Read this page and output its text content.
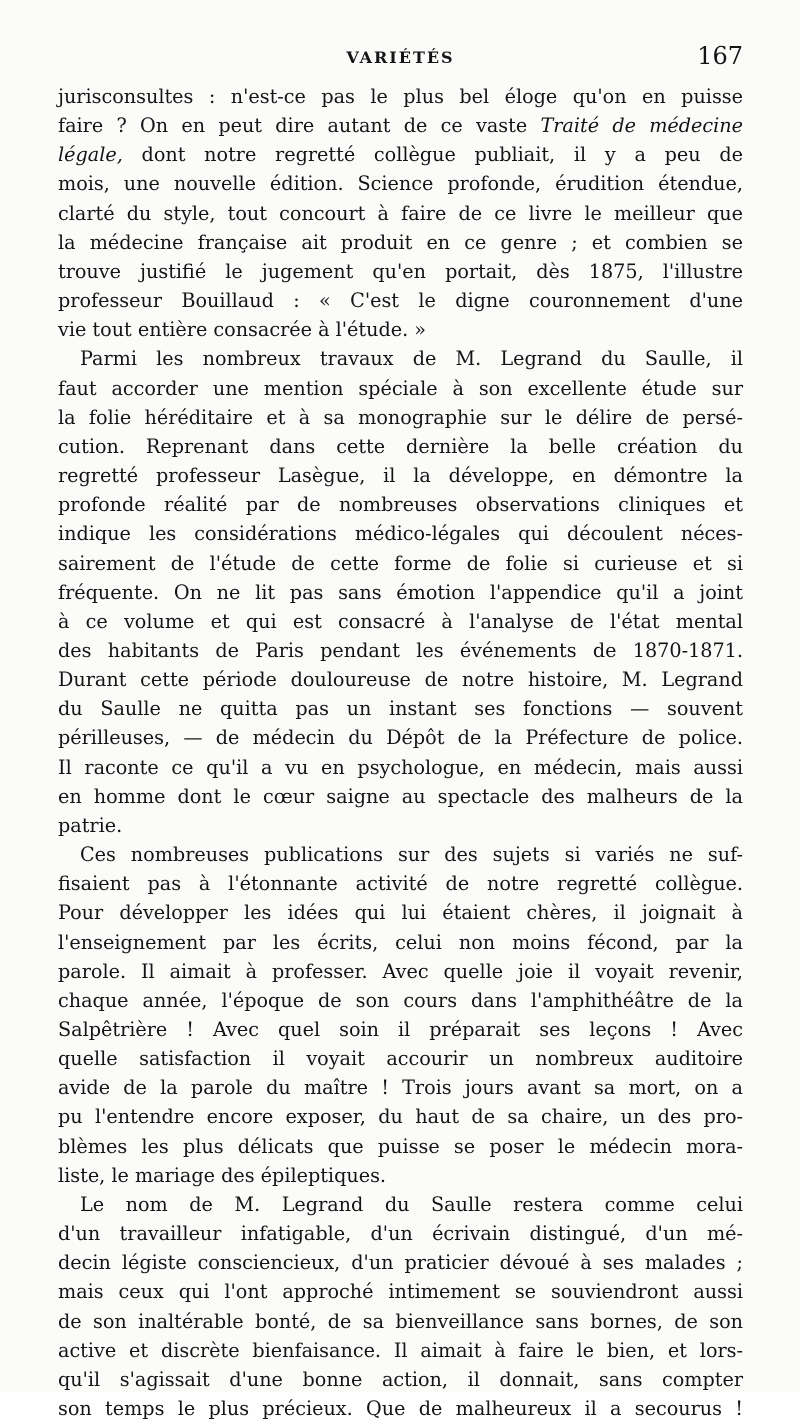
VARIÉTÉS	167

jurisconsultes : n'est-ce pas le plus bel éloge qu'on en puisse
faire ? On en peut dire autant de ce vaste Traité de médecine
légale, dont notre regretté collègue publiait, il y a peu de
mois, une nouvelle édition. Science profonde, érudition étendue,
clarté du style, tout concourt à faire de ce livre le meilleur que
la médecine française ait produit en ce genre ; et combien se
trouve justifié le jugement qu'en portait, dès 1875, l'illustre
professeur Bouillaud : « C'est le digne couronnement d'une
vie tout entière consacrée à l'étude. »

Parmi les nombreux travaux de M. Legrand du Saulle, il
faut accorder une mention spéciale à son excellente étude sur
la folie héréditaire et à sa monographie sur le délire de persé-
cution. Reprenant dans cette dernière la belle création du
regretté professeur Lasègue, il la développe, en démontre la
profonde réalité par de nombreuses observations cliniques et
indique les considérations médico-légales qui découlent néces-
sairement de l'étude de cette forme de folie si curieuse et si
fréquente. On ne lit pas sans émotion l'appendice qu'il a joint
à ce volume et qui est consacré à l'analyse de l'état mental
des habitants de Paris pendant les événements de 1870-1871.
Durant cette période douloureuse de notre histoire, M. Legrand
du Saulle ne quitta pas un instant ses fonctions — souvent
périlleuses, — de médecin du Dépôt de la Préfecture de police.
Il raconte ce qu'il a vu en psychologue, en médecin, mais aussi
en homme dont le cœur saigne au spectacle des malheurs de la
patrie.

Ces nombreuses publications sur des sujets si variés ne suf-
fisaient pas à l'étonnante activité de notre regretté collègue.
Pour développer les idées qui lui étaient chères, il joignait à
l'enseignement par les écrits, celui non moins fécond, par la
parole. Il aimait à professer. Avec quelle joie il voyait revenir,
chaque année, l'époque de son cours dans l'amphithéâtre de la
Salpêtrière ! Avec quel soin il préparait ses leçons ! Avec
quelle satisfaction il voyait accourir un nombreux auditoire
avide de la parole du maître ! Trois jours avant sa mort, on a
pu l'entendre encore exposer, du haut de sa chaire, un des pro-
blèmes les plus délicats que puisse se poser le médecin mora-
liste, le mariage des épileptiques.

Le nom de M. Legrand du Saulle restera comme celui
d'un travailleur infatigable, d'un écrivain distingué, d'un mé-
decin légiste consciencieux, d'un praticier dévoué à ses malades ;
mais ceux qui l'ont approché intimement se souviendront aussi
de son inaltérable bonté, de sa bienveillance sans bornes, de son
active et discrète bienfaisance. Il aimait à faire le bien, et lors-
qu'il s'agissait d'une bonne action, il donnait, sans compter
son temps le plus précieux. Que de malheureux il a secourus !
